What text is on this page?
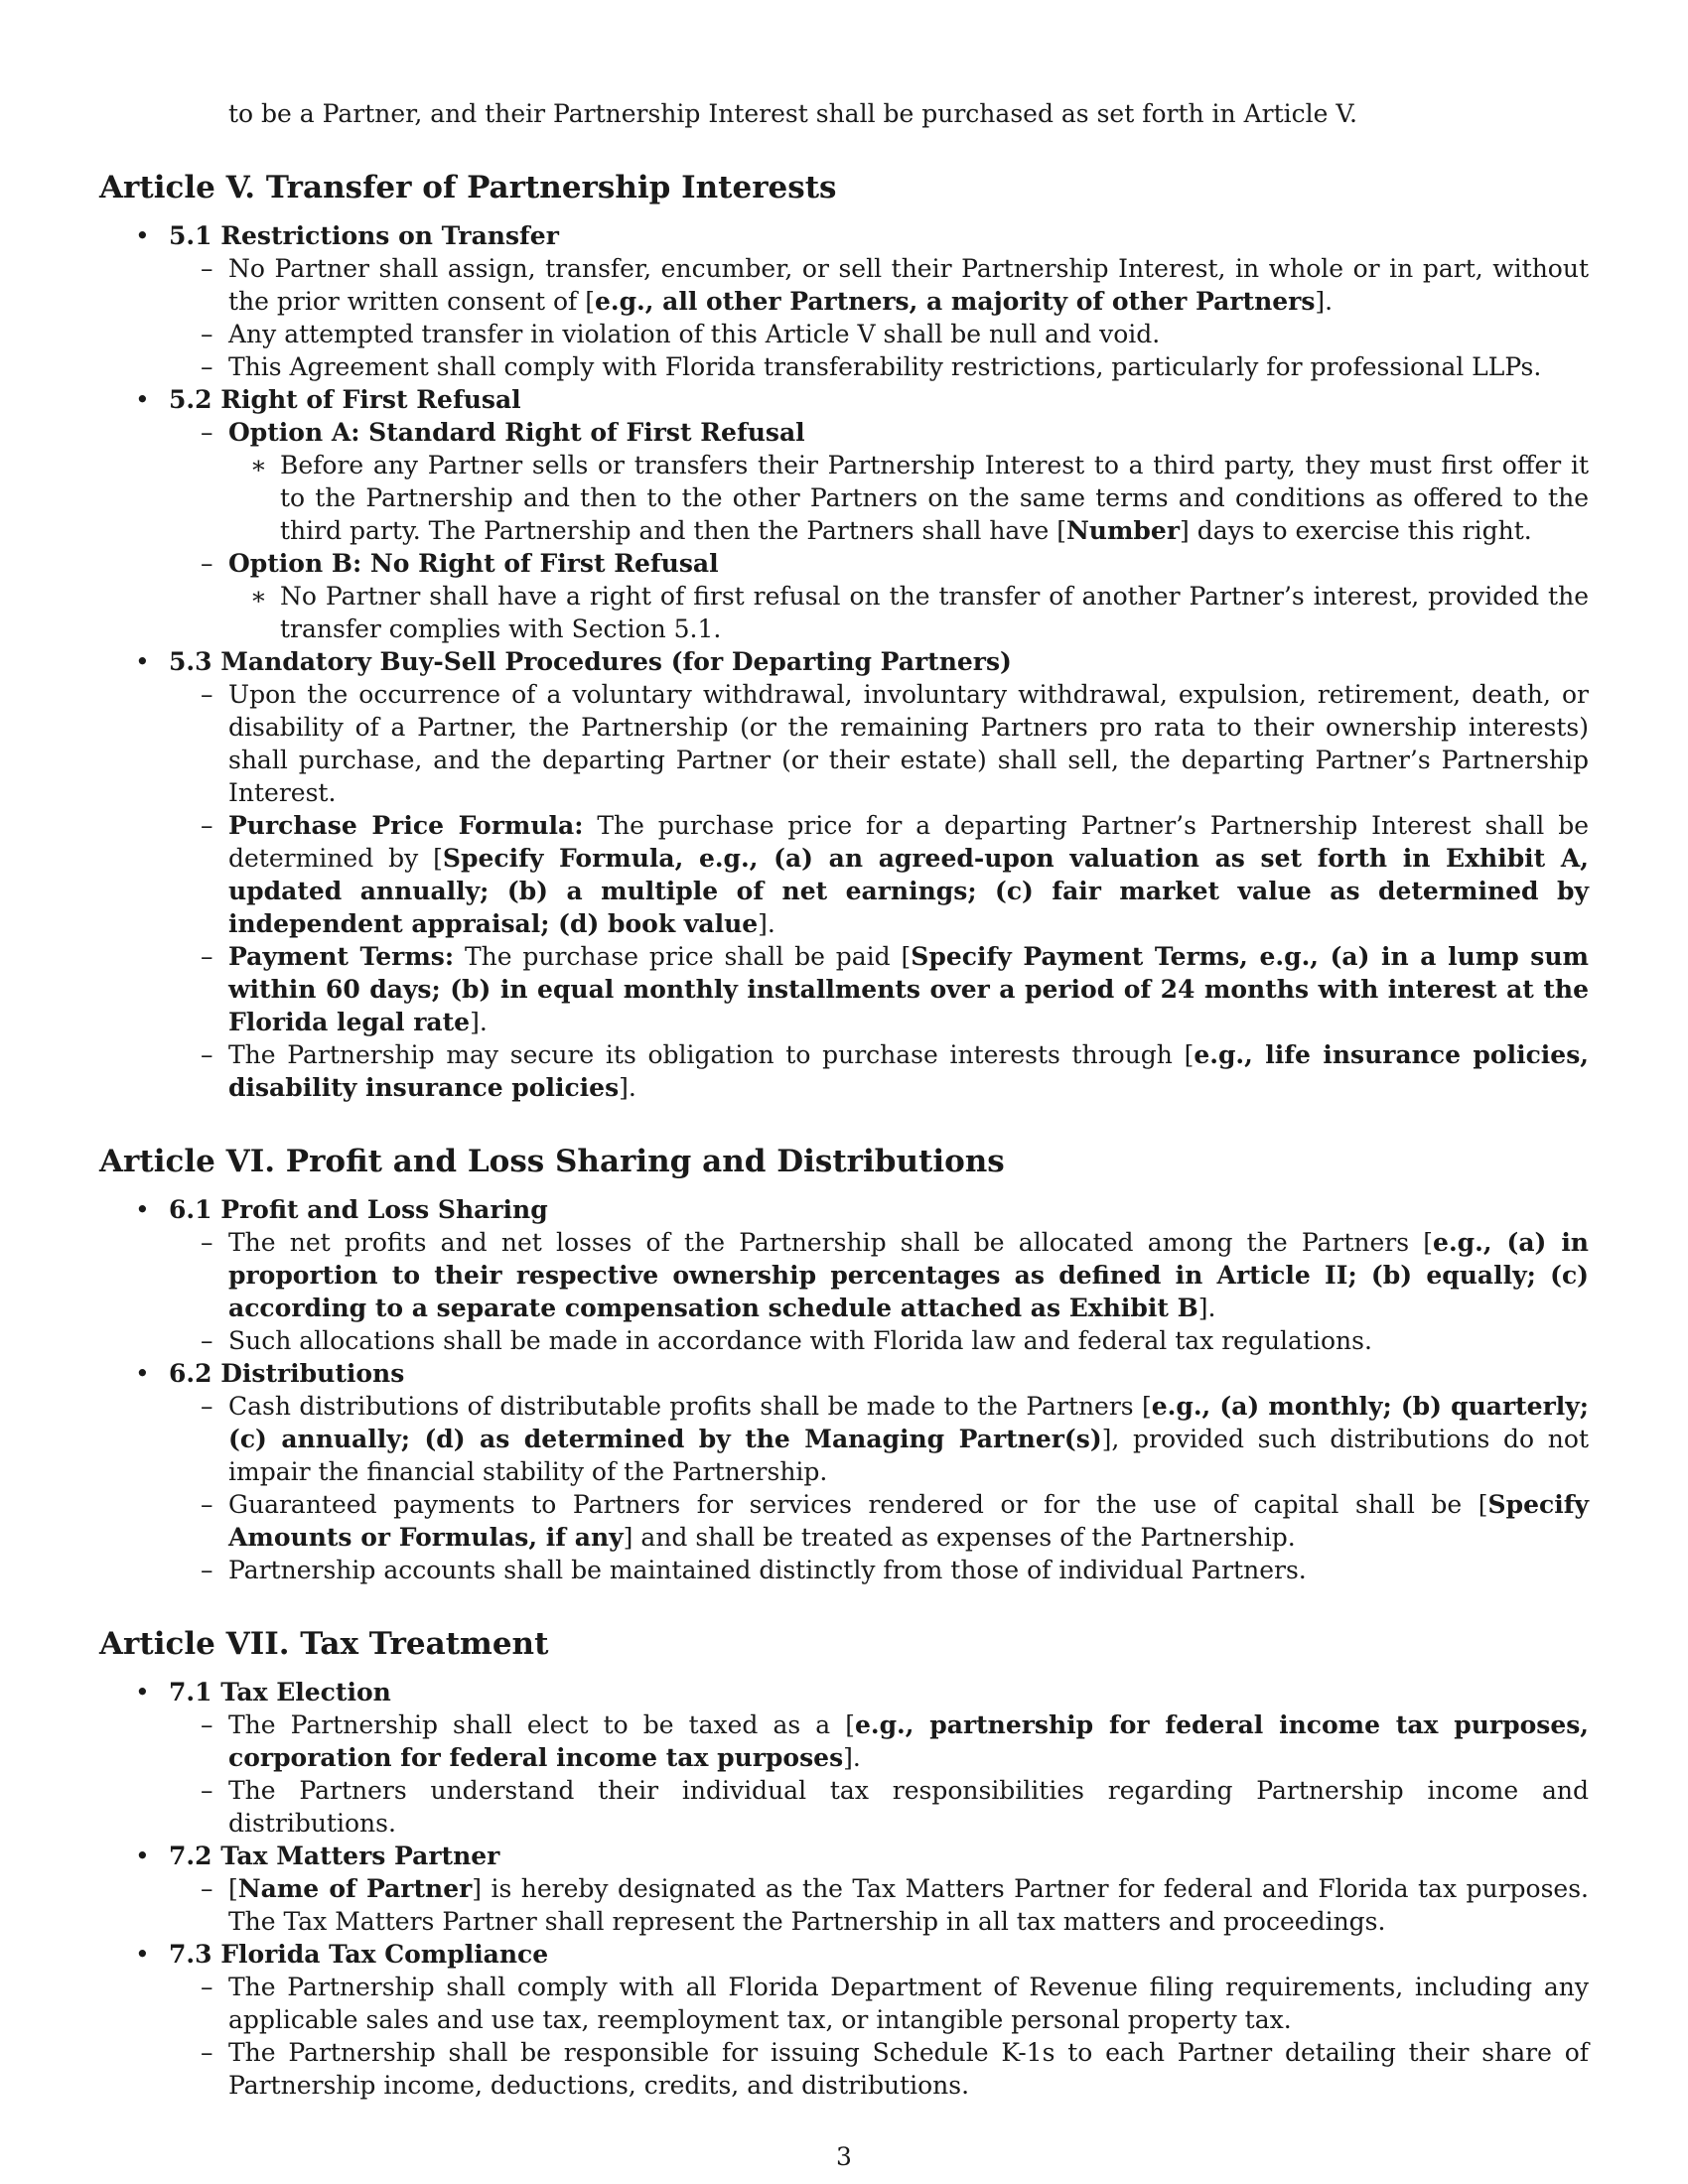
to be a Partner, and their Partnership Interest shall be purchased as set forth in Article V.

Article V. Transfer of Partnership Interests
• 5.1 Restrictions on Transfer
– No Partner shall assign, transfer, encumber, or sell their Partnership Interest, in whole or in part, without the prior written consent of [e.g., all other Partners, a majority of other Partners].
– Any attempted transfer in violation of this Article V shall be null and void.
– This Agreement shall comply with Florida transferability restrictions, particularly for professional LLPs.
• 5.2 Right of First Refusal
– Option A: Standard Right of First Refusal
∗ Before any Partner sells or transfers their Partnership Interest to a third party, they must first offer it to the Partnership and then to the other Partners on the same terms and conditions as offered to the third party. The Partnership and then the Partners shall have [Number] days to exercise this right.
– Option B: No Right of First Refusal
∗ No Partner shall have a right of first refusal on the transfer of another Partner’s interest, provided the transfer complies with Section 5.1.
• 5.3 Mandatory Buy-Sell Procedures (for Departing Partners)
– Upon the occurrence of a voluntary withdrawal, involuntary withdrawal, expulsion, retirement, death, or disability of a Partner, the Partnership (or the remaining Partners pro rata to their ownership interests) shall purchase, and the departing Partner (or their estate) shall sell, the departing Partner’s Partnership Interest.
– Purchase Price Formula: The purchase price for a departing Partner’s Partnership Interest shall be determined by [Specify Formula, e.g., (a) an agreed-upon valuation as set forth in Exhibit A, updated annually; (b) a multiple of net earnings; (c) fair market value as determined by independent appraisal; (d) book value].
– Payment Terms: The purchase price shall be paid [Specify Payment Terms, e.g., (a) in a lump sum within 60 days; (b) in equal monthly installments over a period of 24 months with interest at the Florida legal rate].
– The Partnership may secure its obligation to purchase interests through [e.g., life insurance policies, disability insurance policies].
Article VI. Profit and Loss Sharing and Distributions
• 6.1 Profit and Loss Sharing
– The net profits and net losses of the Partnership shall be allocated among the Partners [e.g., (a) in proportion to their respective ownership percentages as defined in Article II; (b) equally; (c) according to a separate compensation schedule attached as Exhibit B].
– Such allocations shall be made in accordance with Florida law and federal tax regulations.
• 6.2 Distributions
– Cash distributions of distributable profits shall be made to the Partners [e.g., (a) monthly; (b) quarterly; (c) annually; (d) as determined by the Managing Partner(s)], provided such distributions do not impair the financial stability of the Partnership.
– Guaranteed payments to Partners for services rendered or for the use of capital shall be [Specify Amounts or Formulas, if any] and shall be treated as expenses of the Partnership.
– Partnership accounts shall be maintained distinctly from those of individual Partners.
Article VII. Tax Treatment
• 7.1 Tax Election
– The Partnership shall elect to be taxed as a [e.g., partnership for federal income tax purposes, corporation for federal income tax purposes].
– The Partners understand their individual tax responsibilities regarding Partnership income and distributions.
• 7.2 Tax Matters Partner
– [Name of Partner] is hereby designated as the Tax Matters Partner for federal and Florida tax purposes. The Tax Matters Partner shall represent the Partnership in all tax matters and proceedings.
• 7.3 Florida Tax Compliance
– The Partnership shall comply with all Florida Department of Revenue filing requirements, including any applicable sales and use tax, reemployment tax, or intangible personal property tax.
– The Partnership shall be responsible for issuing Schedule K-1s to each Partner detailing their share of Partnership income, deductions, credits, and distributions.
3
